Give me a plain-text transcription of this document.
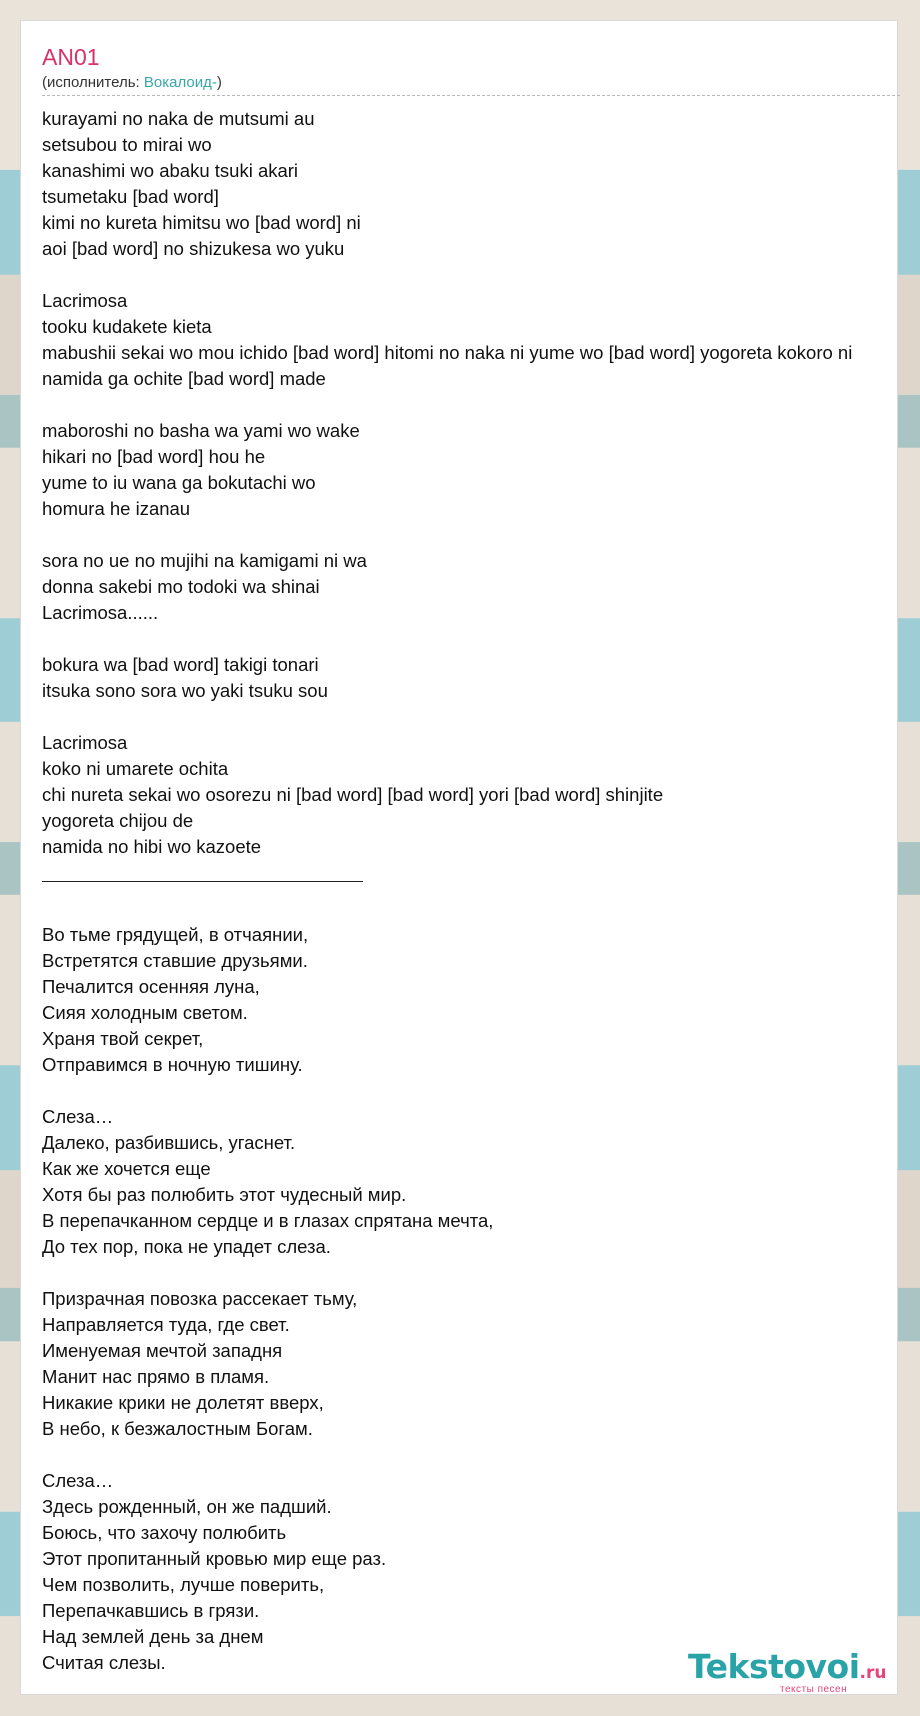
AN01
(исполнитель: Вокалоид-)
kurayami no naka de mutsumi au
setsubou to mirai wo
kanashimi wo abaku tsuki akari
tsumetaku [bad word]
kimi no kureta himitsu wo [bad word] ni
aoi [bad word] no shizukesa wo yuku
Lacrimosa
tooku kudakete kieta
mabushii sekai wo mou ichido [bad word] hitomi no naka ni yume wo [bad word] yogoreta kokoro ni
namida ga ochite [bad word] made
maboroshi no basha wa yami wo wake
hikari no [bad word] hou he
yume to iu wana ga bokutachi wo
homura he izanau
sora no ue no mujihi na kamigami ni wa
donna sakebi mo todoki wa shinai
Lacrimosa......
bokura wa [bad word] takigi tonari
itsuka sono sora wo yaki tsuku sou
Lacrimosa
koko ni umarete ochita
chi nureta sekai wo osorezu ni [bad word] [bad word] yori [bad word] shinjite
yogoreta chijou de
namida no hibi wo kazoete
Во тьме грядущей, в отчаянии,
Встретятся ставшие друзьями.
Печалится осенняя луна,
Сияя холодным светом.
Храня твой секрет,
Отправимся в ночную тишину.
Слеза…
Далеко, разбившись, угаснет.
Как же хочется еще
Хотя бы раз полюбить этот чудесный мир.
В перепачканном сердце и в глазах спрятана мечта,
До тех пор, пока не упадет слеза.
Призрачная повозка рассекает тьму,
Направляется туда, где свет.
Именуемая мечтой западня
Манит нас прямо в пламя.
Никакие крики не долетят вверх,
В небо, к безжалостным Богам.
Слеза…
Здесь рожденный, он же падший.
Боюсь, что захочу полюбить
Этот пропитанный кровью мир еще раз.
Чем позволить, лучше поверить,
Перепачкавшись в грязи.
Над землей день за днем
Считая слезы.	Tekstovoi.ru
тексты песен
